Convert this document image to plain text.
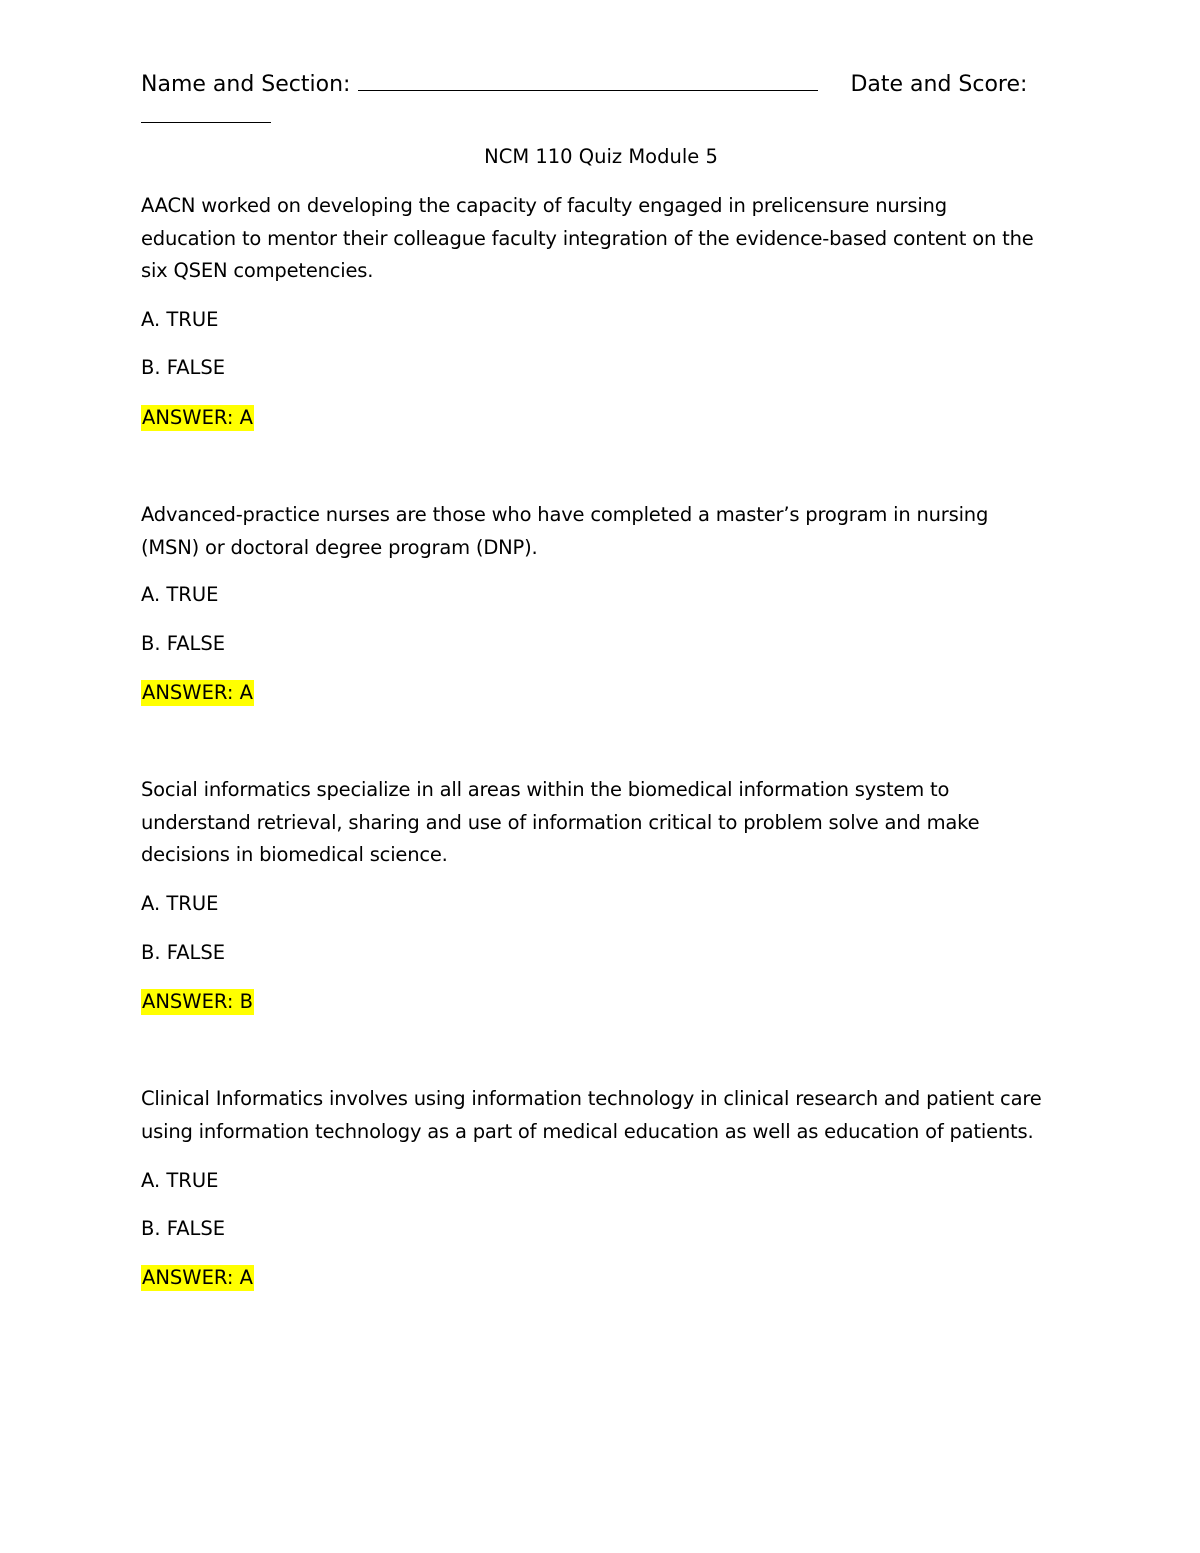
Name and Section:	Date and Score:
NCM 110 Quiz Module 5

AACN worked on developing the capacity of faculty engaged in prelicensure nursing education to mentor their colleague faculty integration of the evidence-based content on the six QSEN competencies.

A. TRUE

B. FALSE

ANSWER: A

Advanced-practice nurses are those who have completed a master’s program in nursing (MSN) or doctoral degree program (DNP).

A. TRUE

B. FALSE

ANSWER: A

Social informatics specialize in all areas within the biomedical information system to understand retrieval, sharing and use of information critical to problem solve and make decisions in biomedical science.

A. TRUE

B. FALSE

ANSWER: B

Clinical Informatics involves using information technology in clinical research and patient care using information technology as a part of medical education as well as education of patients.

A. TRUE

B. FALSE

ANSWER: A
